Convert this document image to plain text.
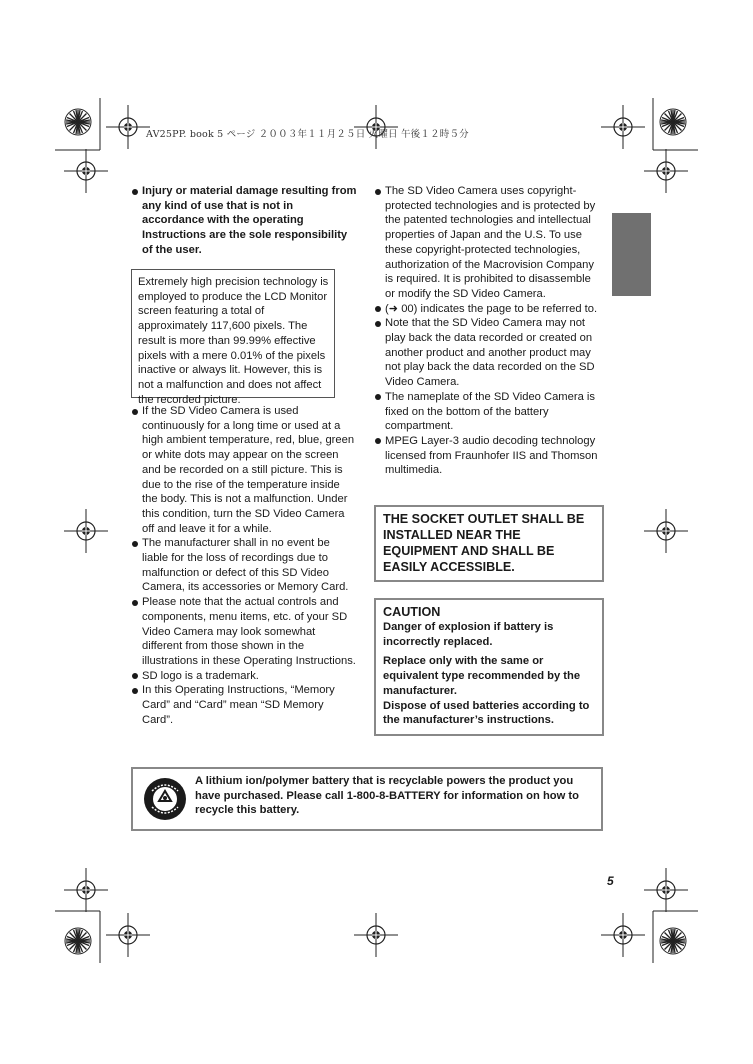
AV25PP. book 5 ページ ２００３年１１月２５日 火曜日 午後１２時５分

Injury or material damage resulting from any kind of use that is not in accordance with the operating Instructions are the sole responsibility of the user.

Extremely high precision technology is employed to produce the LCD Monitor screen featuring a total of approximately 117,600 pixels. The result is more than 99.99% effective pixels with a mere 0.01% of the pixels inactive or always lit. However, this is not a malfunction and does not affect the recorded picture.

If the SD Video Camera is used continuously for a long time or used at a high ambient temperature, red, blue, green or white dots may appear on the screen and be recorded on a still picture. This is due to the rise of the temperature inside the body. This is not a malfunction. Under this condition, turn the SD Video Camera off and leave it for a while.

The manufacturer shall in no event be liable for the loss of recordings due to malfunction or defect of this SD Video Camera, its accessories or Memory Card.

Please note that the actual controls and components, menu items, etc. of your SD Video Camera may look somewhat different from those shown in the illustrations in these Operating Instructions.

SD logo is a trademark.

In this Operating Instructions, “Memory Card” and “Card” mean “SD Memory Card”.

The SD Video Camera uses copyright-protected technologies and is protected by the patented technologies and intellectual properties of Japan and the U.S. To use these copyright-protected technologies, authorization of the Macrovision Company is required. It is prohibited to disassemble or modify the SD Video Camera.

(➜ 00) indicates the page to be referred to.

Note that the SD Video Camera may not play back the data recorded or created on another product and another product may not play back the data recorded on the SD Video Camera.

The nameplate of the SD Video Camera is fixed on the bottom of the battery compartment.

MPEG Layer-3 audio decoding technology licensed from Fraunhofer IIS and Thomson multimedia.

THE SOCKET OUTLET SHALL BE INSTALLED NEAR THE EQUIPMENT AND SHALL BE EASILY ACCESSIBLE.
CAUTION

Danger of explosion if battery is incorrectly replaced.

Replace only with the same or equivalent type recommended by the manufacturer.

Dispose of used batteries according to the manufacturer’s instructions.
A lithium ion/polymer battery that is recyclable powers the product you have purchased. Please call 1-800-8-BATTERY for information on how to recycle this battery.
5
